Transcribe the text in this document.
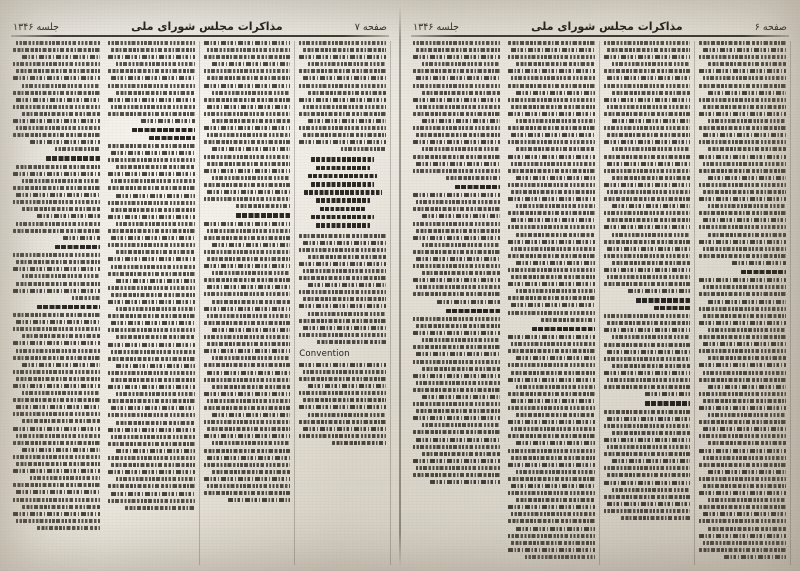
صفحه ۷
مذاکرات مجلس شورای ملی
جلسه ۱۳۴۶
Convention
صفحه ۶
مذاکرات مجلس شورای ملی
جلسه ۱۳۴۶
